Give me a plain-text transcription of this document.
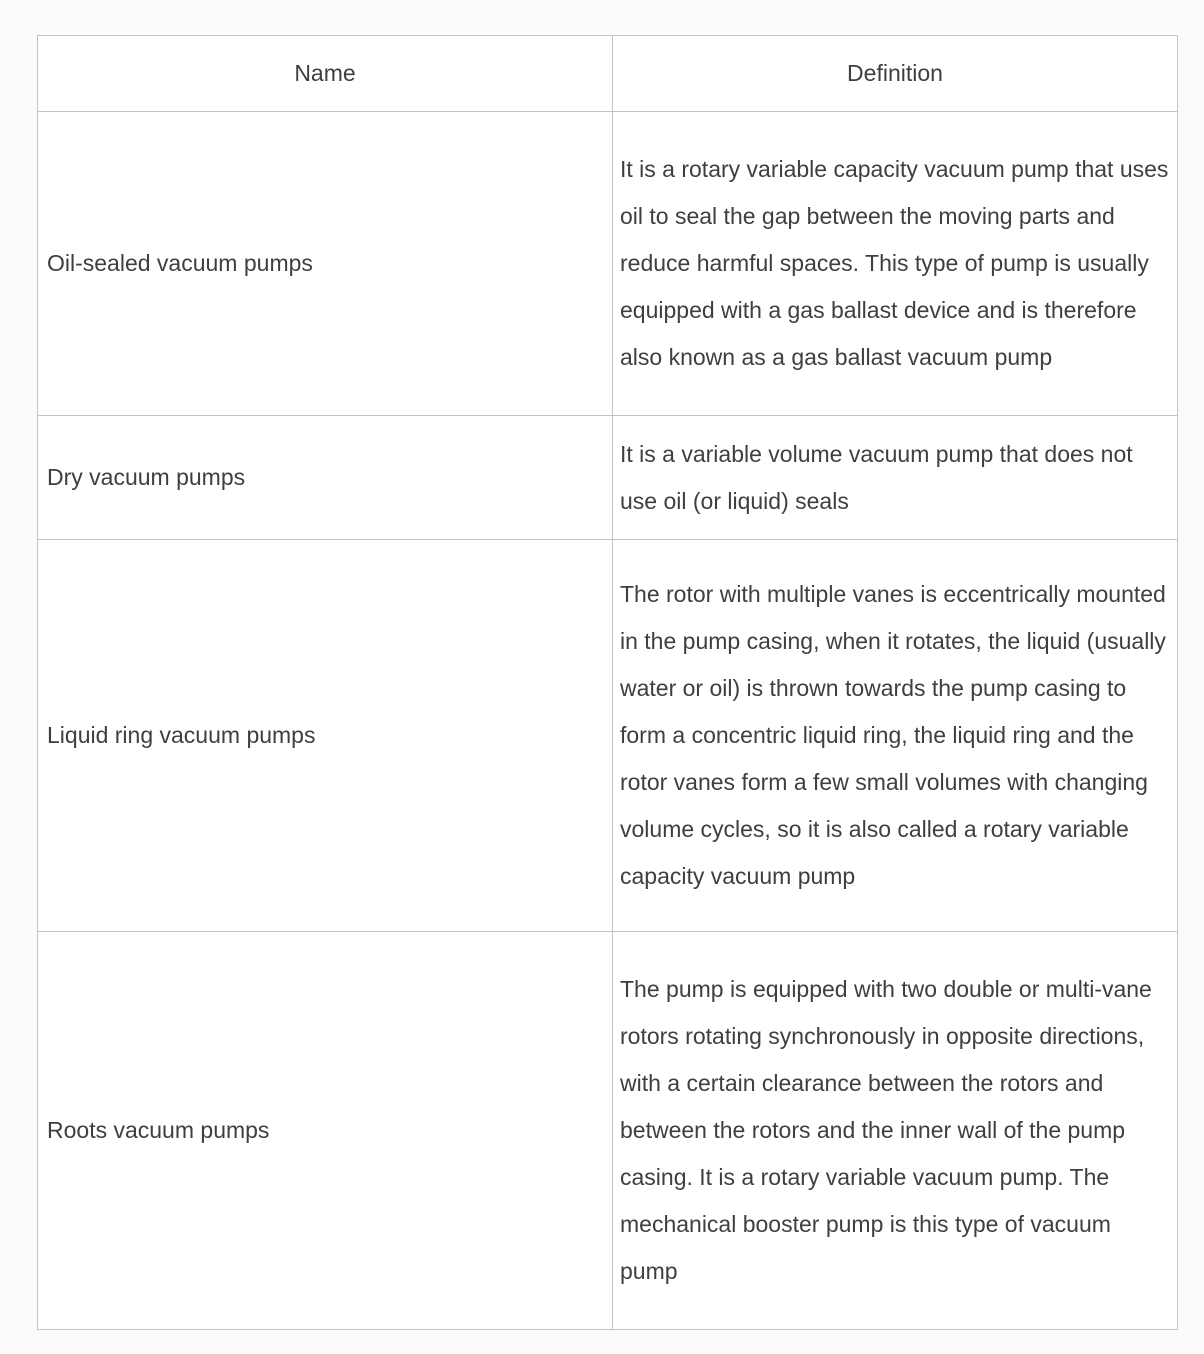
Name	Definition
Oil-sealed vacuum pumps	It is a rotary variable capacity vacuum pump that uses oil to seal the gap between the moving parts and reduce harmful spaces. This type of pump is usually equipped with a gas ballast device and is therefore also known as a gas ballast vacuum pump

Dry vacuum pumps	It is a variable volume vacuum pump that does not use oil (or liquid) seals

Liquid ring vacuum pumps	The rotor with multiple vanes is eccentrically mounted in the pump casing, when it rotates, the liquid (usually water or oil) is thrown towards the pump casing to form a concentric liquid ring, the liquid ring and the rotor vanes form a few small volumes with changing volume cycles, so it is also called a rotary variable capacity vacuum pump

Roots vacuum pumps	The pump is equipped with two double or multi-vane rotors rotating synchronously in opposite directions, with a certain clearance between the rotors and between the rotors and the inner wall of the pump casing. It is a rotary variable vacuum pump. The mechanical booster pump is this type of vacuum pump
